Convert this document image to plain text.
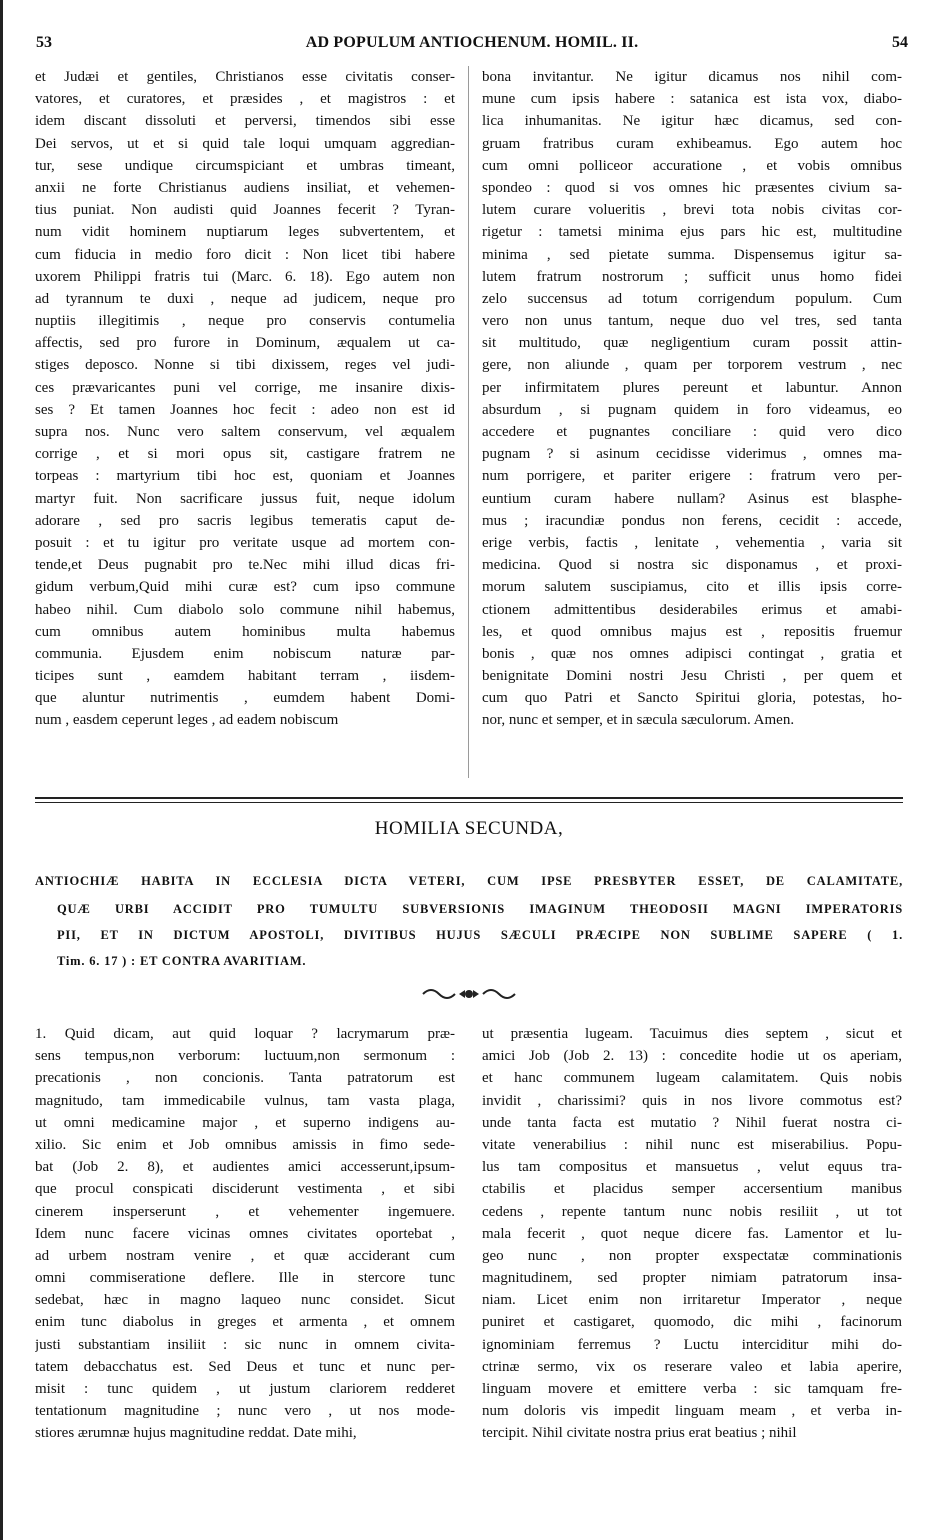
53	AD POPULUM ANTIOCHENUM. HOMIL. II.	54
et Judæi et gentiles, Christianos esse civitatis conser-
vatores, et curatores, et præsides , et magistros : et
idem discant dissoluti et perversi, timendos sibi esse
Dei servos, ut et si quid tale loqui umquam aggredian-
tur, sese undique circumspiciant et umbras timeant,
anxii ne forte Christianus audiens insiliat, et vehemen-
tius puniat. Non audisti quid Joannes fecerit ? Tyran-
num vidit hominem nuptiarum leges subvertentem, et
cum fiducia in medio foro dicit : Non licet tibi habere
uxorem Philippi fratris tui (Marc. 6. 18). Ego autem non
ad tyrannum te duxi , neque ad judicem, neque pro
nuptiis illegitimis , neque pro conservis contumelia
affectis, sed pro furore in Dominum, æqualem ut ca-
stiges deposco. Nonne si tibi dixissem, reges vel judi-
ces prævaricantes puni vel corrige, me insanire dixis-
ses ? Et tamen Joannes hoc fecit : adeo non est id
supra nos. Nunc vero saltem conservum, vel æqualem
corrige , et si mori opus sit, castigare fratrem ne
torpeas : martyrium tibi hoc est, quoniam et Joannes
martyr fuit. Non sacrificare jussus fuit, neque idolum
adorare , sed pro sacris legibus temeratis caput de-
posuit : et tu igitur pro veritate usque ad mortem con-
tende,et Deus pugnabit pro te.Nec mihi illud dicas fri-
gidum verbum,Quid mihi curæ est? cum ipso commune
habeo nihil. Cum diabolo solo commune nihil habemus,
cum omnibus autem hominibus multa habemus
communia. Ejusdem enim nobiscum naturæ par-
ticipes sunt , eamdem habitant terram , iisdem-
que aluntur nutrimentis , eumdem habent Domi-
num , easdem ceperunt leges , ad eadem nobiscum
bona invitantur. Ne igitur dicamus nos nihil com-
mune cum ipsis habere : satanica est ista vox, diabo-
lica inhumanitas. Ne igitur hæc dicamus, sed con-
gruam fratribus curam exhibeamus. Ego autem hoc
cum omni polliceor accuratione , et vobis omnibus
spondeo : quod si vos omnes hic præsentes civium sa-
lutem curare volueritis , brevi tota nobis civitas cor-
rigetur : tametsi minima ejus pars hic est, multitudine
minima , sed pietate summa. Dispensemus igitur sa-
lutem fratrum nostrorum ; sufficit unus homo fidei
zelo succensus ad totum corrigendum populum. Cum
vero non unus tantum, neque duo vel tres, sed tanta
sit multitudo, quæ negligentium curam possit attin-
gere, non aliunde , quam per torporem vestrum , nec
per infirmitatem plures pereunt et labuntur. Annon
absurdum , si pugnam quidem in foro videamus, eo
accedere et pugnantes conciliare : quid vero dico
pugnam ? si asinum cecidisse viderimus , omnes ma-
num porrigere, et pariter erigere : fratrum vero per-
euntium curam habere nullam? Asinus est blasphe-
mus ; iracundiæ pondus non ferens, cecidit : accede,
erige verbis, factis , lenitate , vehementia , varia sit
medicina. Quod si nostra sic disponamus , et proxi-
morum salutem suscipiamus, cito et illis ipsis corre-
ctionem admittentibus desiderabiles erimus et amabi-
les, et quod omnibus majus est , repositis fruemur
bonis , quæ nos omnes adipisci contingat , gratia et
benignitate Domini nostri Jesu Christi , per quem et
cum quo Patri et Sancto Spiritui gloria, potestas, ho-
nor, nunc et semper, et in sæcula sæculorum. Amen.
HOMILIA SECUNDA,
ANTIOCHIÆ HABITA IN ECCLESIA DICTA VETERI, CUM IPSE PRESBYTER ESSET, DE CALAMITATE,
QUÆ URBI ACCIDIT PRO TUMULTU SUBVERSIONIS IMAGINUM THEODOSII MAGNI IMPERATORIS
PII, ET IN DICTUM APOSTOLI, DIVITIBUS HUJUS SÆCULI PRÆCIPE NON SUBLIME SAPERE ( 1.
Tim. 6. 17 ) : ET CONTRA AVARITIAM.
1. Quid dicam, aut quid loquar ? lacrymarum præ-
sens tempus,non verborum: luctuum,non sermonum :
precationis , non concionis. Tanta patratorum est
magnitudo, tam immedicabile vulnus, tam vasta plaga,
ut omni medicamine major , et superno indigens au-
xilio. Sic enim et Job omnibus amissis in fimo sede-
bat (Job 2. 8), et audientes amici accesserunt,ipsum-
que procul conspicati disciderunt vestimenta , et sibi
cinerem insperserunt , et vehementer ingemuere.
Idem nunc facere vicinas omnes civitates oportebat ,
ad urbem nostram venire , et quæ acciderant cum
omni commiseratione deflere. Ille in stercore tunc
sedebat, hæc in magno laqueo nunc considet. Sicut
enim tunc diabolus in greges et armenta , et omnem
justi substantiam insiliit : sic nunc in omnem civita-
tatem debacchatus est. Sed Deus et tunc et nunc per-
misit : tunc quidem , ut justum clariorem redderet
tentationum magnitudine ; nunc vero , ut nos mode-
stiores ærumnæ hujus magnitudine reddat. Date mihi,
ut præsentia lugeam. Tacuimus dies septem , sicut et
amici Job (Job 2. 13) : concedite hodie ut os aperiam,
et hanc communem lugeam calamitatem. Quis nobis
invidit , charissimi? quis in nos livore commotus est?
unde tanta facta est mutatio ? Nihil fuerat nostra ci-
vitate venerabilius : nihil nunc est miserabilius. Popu-
lus tam compositus et mansuetus , velut equus tra-
ctabilis et placidus semper accersentium manibus
cedens , repente tantum nunc nobis resiliit , ut tot
mala fecerit , quot neque dicere fas. Lamentor et lu-
geo nunc , non propter exspectatæ comminationis
magnitudinem, sed propter nimiam patratorum insa-
niam. Licet enim non irritaretur Imperator , neque
puniret et castigaret, quomodo, dic mihi , facinorum
ignominiam ferremus ? Luctu interciditur mihi do-
ctrinæ sermo, vix os reserare valeo et labia aperire,
linguam movere et emittere verba : sic tamquam fre-
num doloris vis impedit linguam meam , et verba in-
tercipit. Nihil civitate nostra prius erat beatius ; nihil
